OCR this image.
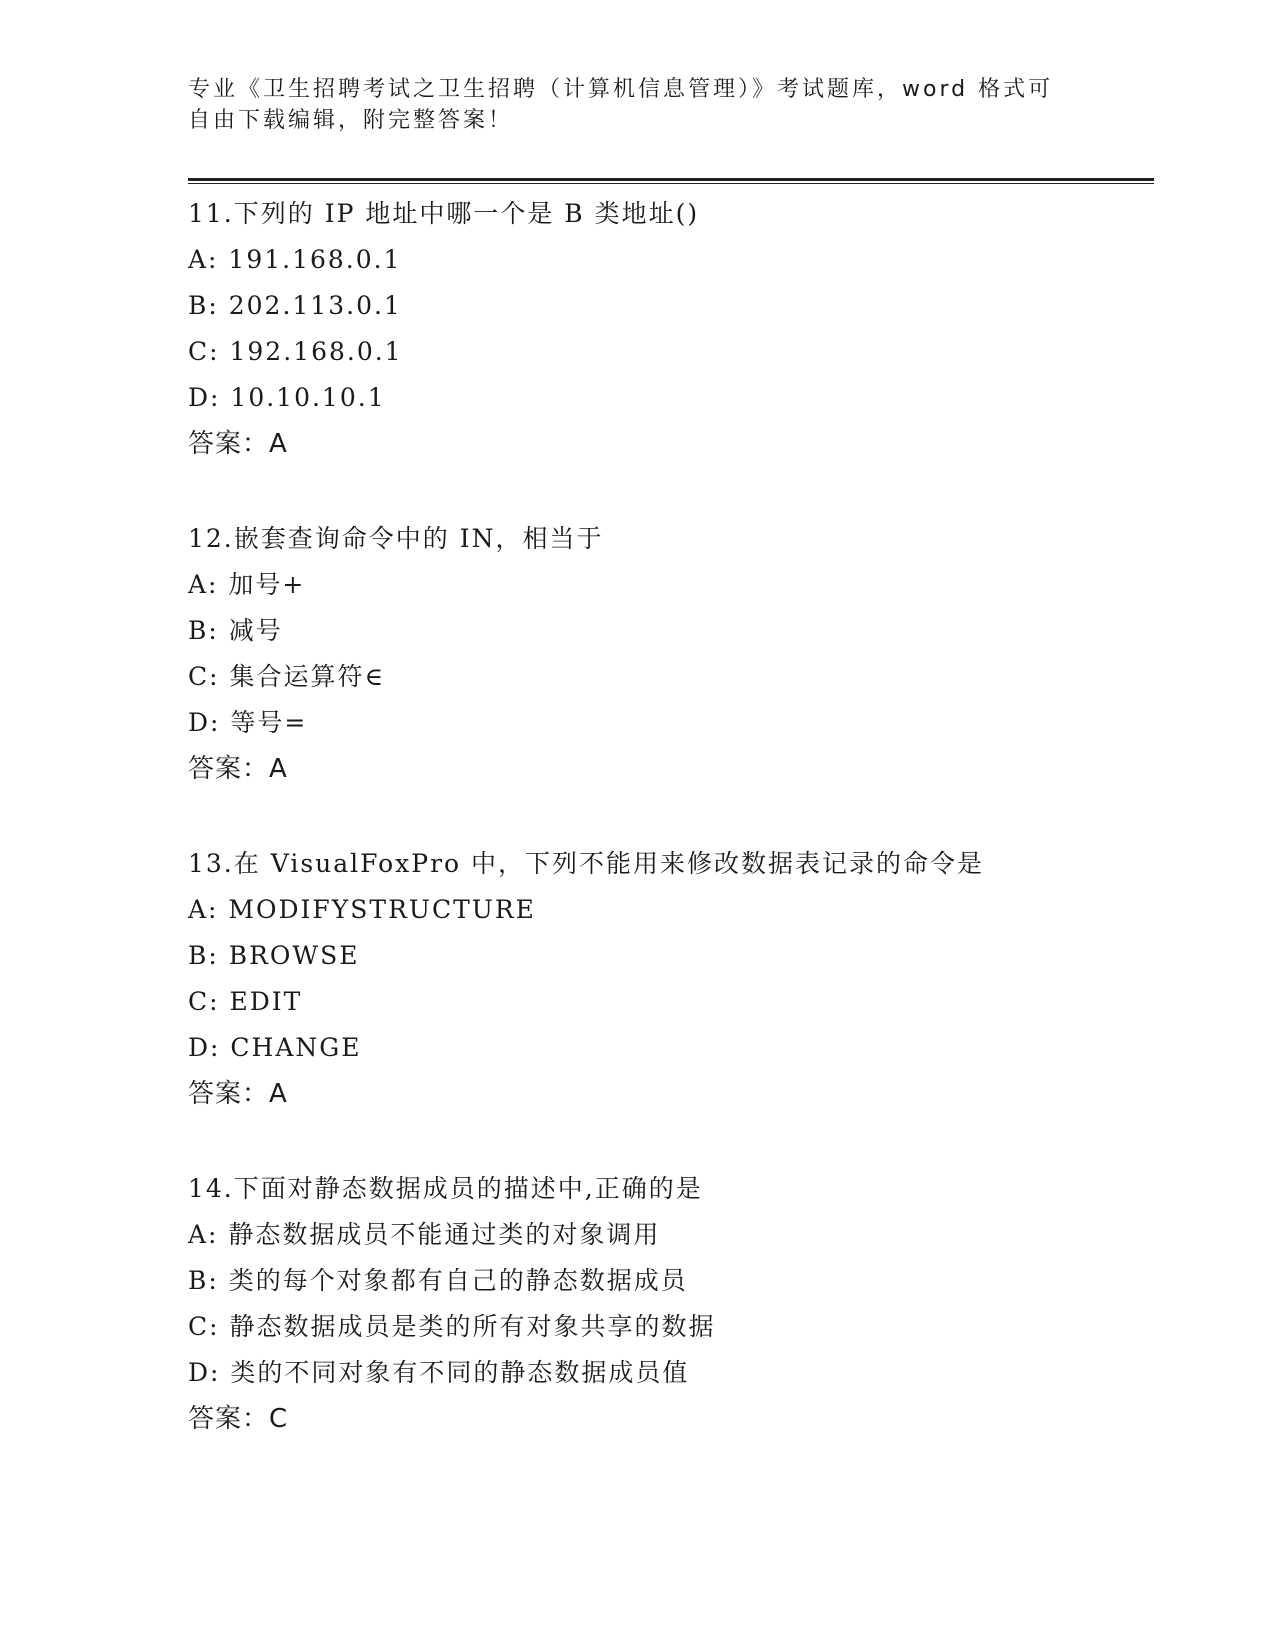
专业《卫生招聘考试之卫生招聘（计算机信息管理）》考试题库，word 格式可自由下载编辑，附完整答案！
11.下列的 IP 地址中哪一个是 B 类地址()
A: 191.168.0.1
B: 202.113.0.1
C: 192.168.0.1
D: 10.10.10.1
答案：A
12.嵌套查询命令中的 IN，相当于
A: 加号+
B: 减号
C: 集合运算符∈
D: 等号=
答案：A
13.在 VisualFoxPro 中，下列不能用来修改数据表记录的命令是
A: MODIFYSTRUCTURE
B: BROWSE
C: EDIT
D: CHANGE
答案：A
14.下面对静态数据成员的描述中,正确的是
A: 静态数据成员不能通过类的对象调用
B: 类的每个对象都有自己的静态数据成员
C: 静态数据成员是类的所有对象共享的数据
D: 类的不同对象有不同的静态数据成员值
答案：C
